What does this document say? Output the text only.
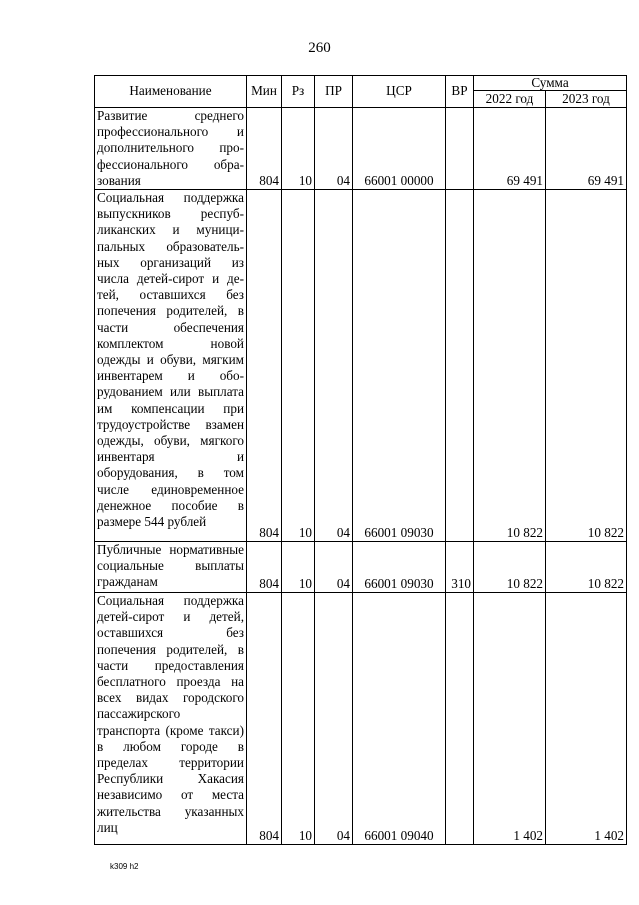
260
Наименование	Мин	Рз	ПР	ЦСР	ВР	Сумма	
						2022 год	2023 год
Развитие среднего профессионального и дополнительного профессионального образования	804	10	04	66001 00000		69 491	69 491
Социальная поддержка выпускников республиканских и муниципальных образовательных организаций из числа детей-сирот и детей, оставшихся без попечения родителей, в части обеспечения комплектом новой одежды и обуви, мягким инвентарем и оборудованием или выплата им компенсации при трудоустройстве взамен одежды, обуви, мягкого инвентаря и оборудования, в том числе единовременное денежное пособие в размере 544 рублей	804	10	04	66001 09030		10 822	10 822
Публичные нормативные социальные выплаты гражданам	804	10	04	66001 09030	310	10 822	10 822
Социальная поддержка детей-сирот и детей, оставшихся без попечения родителей, в части предоставления бесплатного проезда на всех видах городского пассажирского транспорта (кроме такси) в любом городе в пределах территории Республики Хакасия независимо от места жительства указанных лиц	804	10	04	66001 09040		1 402	1 402
k309 h2
